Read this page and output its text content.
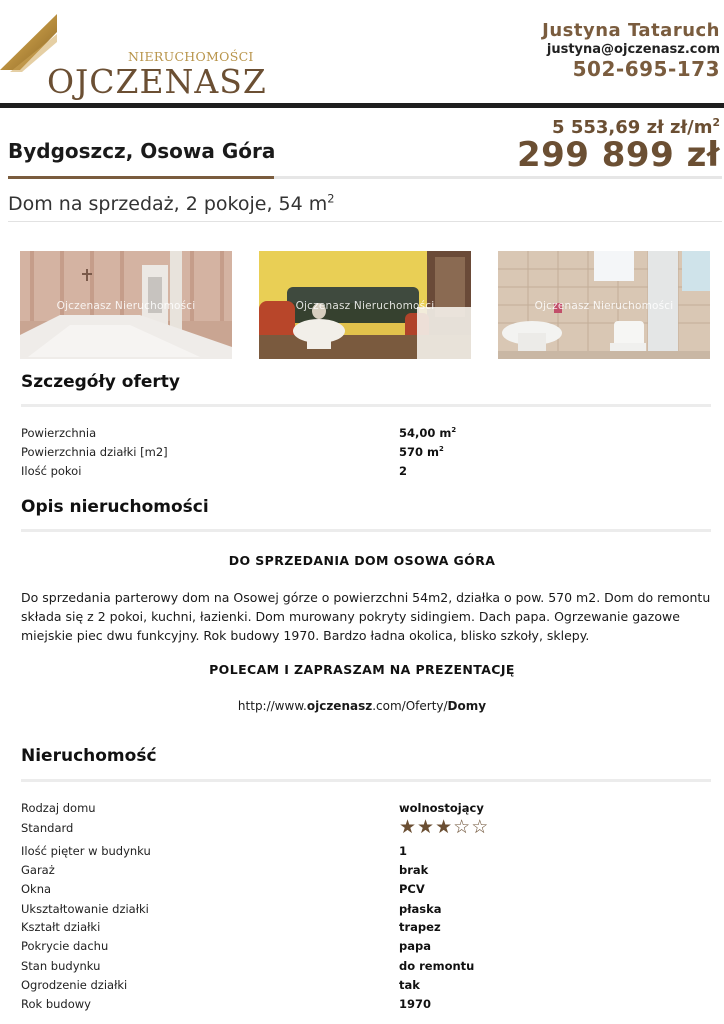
NIERUCHOMOŚCI
OJCZENASZ
Justyna Tataruch
justyna@ojczenasz.com
502-695-173
Bydgoszcz, Osowa Góra
5 553,69 zł $zł/m^2$
299 899 zł
Dom na sprzedaż, 2 pokoje, 54 $m^2$
Ojczenasz Nieruchomości	Ojczenasz Nieruchomości	Ojczenasz Nieruchomości
Szczegóły oferty
Powierzchnia	54,00 $m^2$
Powierzchnia działki [m2]	570 $m^2$
Ilość pokoi	2
Opis nieruchomości
DO SPRZEDANIA DOM OSOWA GÓRA
Do sprzedania parterowy dom na Osowej górze o powierzchni 54m2, działka o pow. 570 m2. Dom do remontu składa się z 2 pokoi, kuchni, łazienki. Dom murowany pokryty sidingiem. Dach papa. Ogrzewanie gazowe miejskie piec dwu funkcyjny. Rok budowy 1970. Bardzo ładna okolica, blisko szkoły, sklepy.
POLECAM I ZAPRASZAM NA PREZENTACJĘ
http://www.ojczenasz.com/Oferty/Domy
Nieruchomość
Rodzaj domu	wolnostojący
Standard	★ ★ ★ ☆ ☆
Ilość pięter w budynku	1
Garaż	brak
Okna	PCV
Ukształtowanie działki	płaska
Kształt działki	trapez
Pokrycie dachu	papa
Stan budynku	do remontu
Ogrodzenie działki	tak
Rok budowy	1970
